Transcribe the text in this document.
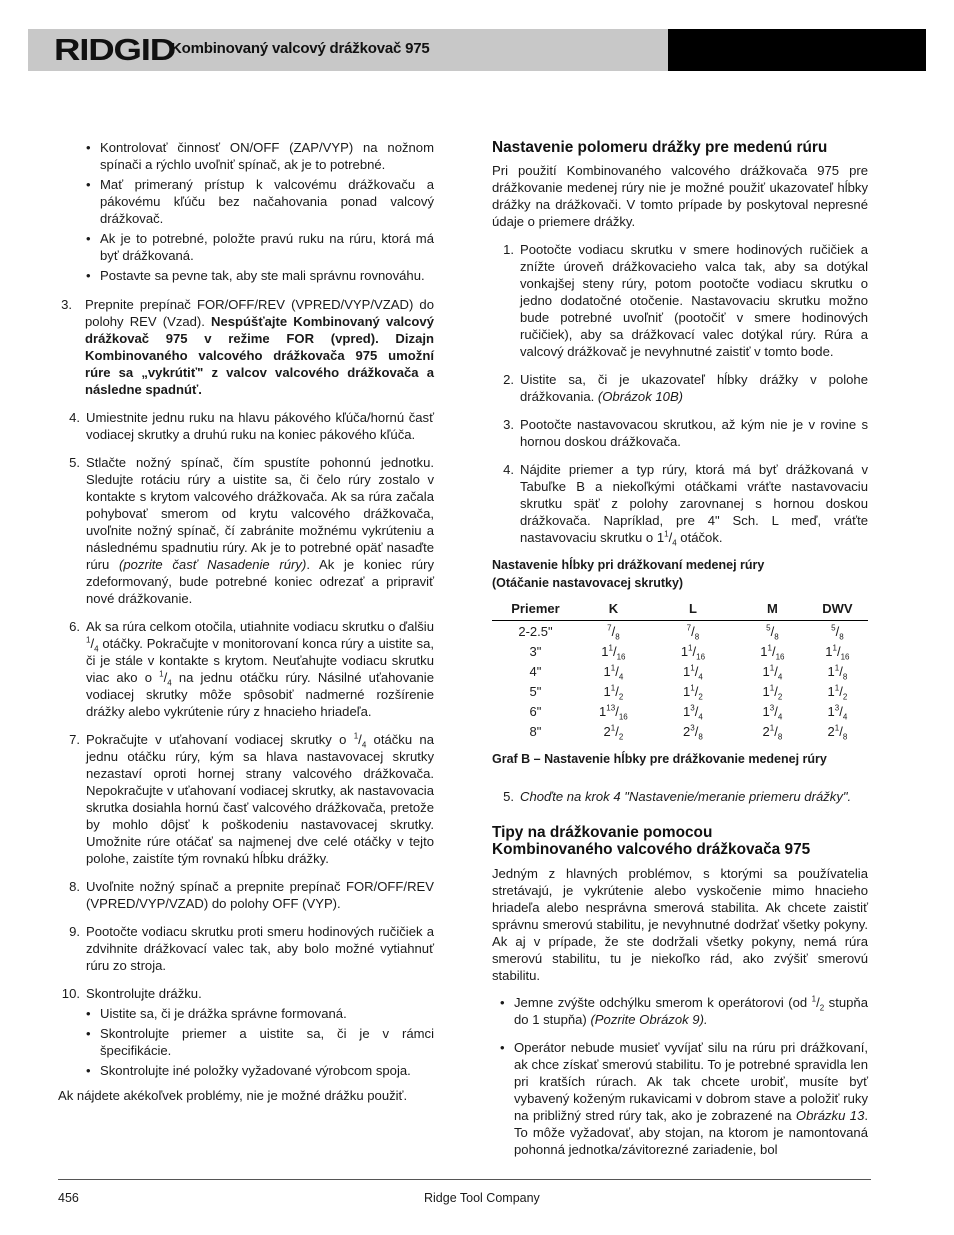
RIDGID
Kombinovaný valcový drážkovač 975
• Kontrolovať činnosť ON/OFF (ZAP/VYP) na nožnom spínači a rýchlo uvoľniť spínač, ak je to potrebné.
• Mať primeraný prístup k valcovému drážkovaču a pákovému kľúču bez načahovania ponad valcový drážkovač.
• Ak je to potrebné, položte pravú ruku na rúru, ktorá má byť drážkovaná.
• Postavte sa pevne tak, aby ste mali správnu rovnováhu.
3. Prepnite prepínač FOR/OFF/REV (VPRED/VYP/VZAD) do polohy REV (Vzad). Nespúšťajte Kombinovaný valcový drážkovač 975 v režime FOR (vpred). Dizajn Kombinovaného valcového drážkovača 975 umožní rúre sa „vykrútiť" z valcov valcového drážkovača a následne spadnúť.
4. Umiestnite jednu ruku na hlavu pákového kľúča/hornú časť vodiacej skrutky a druhú ruku na koniec pákového kľúča.
5. Stlačte nožný spínač, čím spustíte pohonnú jednotku. Sledujte rotáciu rúry a uistite sa, či čelo rúry zostalo v kontakte s krytom valcového drážkovača. Ak sa rúra začala pohybovať smerom od krytu valcového drážkovača, uvoľnite nožný spínač, čí zabránite možnému vykrúteniu a následnému spadnutiu rúry. Ak je to potrebné opäť nasaďte rúru (pozrite časť Nasadenie rúry). Ak je koniec rúry zdeformovaný, bude potrebné koniec odrezať a pripraviť nové drážkovanie.
6. Ak sa rúra celkom otočila, utiahnite vodiacu skrutku o ďalšiu $^1/_4$ otáčky. Pokračujte v monitorovaní konca rúry a uistite sa, či je stále v kontakte s krytom. Neuťahujte vodiacu skrutku viac ako o $^1/_4$ na jednu otáčku rúry. Násilné uťahovanie vodiacej skrutky môže spôsobiť nadmerné rozšírenie drážky alebo vykrútenie rúry z hnacieho hriadeľa.
7. Pokračujte v uťahovaní vodiacej skrutky o $^1/_4$ otáčku na jednu otáčku rúry, kým sa hlava nastavovacej skrutky nezastaví oproti hornej strany valcového drážkovača. Nepokračujte v uťahovaní vodiacej skrutky, ak nastavovacia skrutka dosiahla hornú časť valcového drážkovača, pretože by mohlo dôjsť k poškodeniu nastavovacej skrutky. Umožnite rúre otáčať sa najmenej dve celé otáčky v tejto polohe, zaistíte tým rovnakú hĺbku drážky.
8. Uvoľnite nožný spínač a prepnite prepínač FOR/OFF/REV (VPRED/VYP/VZAD) do polohy OFF (VYP).
9. Pootočte vodiacu skrutku proti smeru hodinových ručičiek a zdvihnite drážkovací valec tak, aby bolo možné vytiahnuť rúru zo stroja.
10. Skontrolujte drážku.
• Uistite sa, či je drážka správne formovaná.
• Skontrolujte priemer a uistite sa, či je v rámci špecifikácie.
• Skontrolujte iné položky vyžadované výrobcom spoja.

Ak nájdete akékoľvek problémy, nie je možné drážku použiť.

Nastavenie polomeru drážky pre medenú rúru

Pri použití Kombinovaného valcového drážkovača 975 pre drážkovanie medenej rúry nie je možné použiť ukazovateľ hĺbky drážky na drážkovači. V tomto prípade by poskytoval nepresné údaje o priemere drážky.

1. Pootočte vodiacu skrutku v smere hodinových ručičiek a znížte úroveň drážkovacieho valca tak, aby sa dotýkal vonkajšej steny rúry, potom pootočte vodiacu skrutku o jedno dodatočné otočenie. Nastavovaciu skrutku možno bude potrebné uvoľniť (pootočiť v smere hodinových ručičiek), aby sa drážkovací valec dotýkal rúry. Rúra a valcový drážkovač je nevyhnutné zaistiť v tomto bode.
2. Uistite sa, či je ukazovateľ hĺbky drážky v polohe drážkovania. (Obrázok 10B)
3. Pootočte nastavovacou skrutkou, až kým nie je v rovine s hornou doskou drážkovača.
4. Nájdite priemer a typ rúry, ktorá má byť drážkovaná v Tabuľke B a niekoľkými otáčkami vráťte nastavovaciu skrutku späť z polohy zarovnanej s hornou doskou drážkovača. Napríklad, pre 4" Sch. L meď, vráťte nastavovaciu skrutku o $1^1/_4$ otáčok.
Nastavenie hĺbky pri drážkovaní medenej rúry
(Otáčanie nastavovacej skrutky)
Priemer	K	L	M	DWV
2-2.5"	$^7/_8$	$^7/_8$	$^5/_8$	$^5/_8$
3"	$1^1/_{16}$	$1^1/_{16}$	$1^1/_{16}$	$1^1/_{16}$
4"	$1^1/_4$	$1^1/_4$	$1^1/_4$	$1^1/_8$
5"	$1^1/_2$	$1^1/_2$	$1^1/_2$	$1^1/_2$
6"	$1^{13}/_{16}$	$1^3/_4$	$1^3/_4$	$1^3/_4$
8"	$2^1/_2$	$2^3/_8$	$2^1/_8$	$2^1/_8$

Graf B – Nastavenie hĺbky pre drážkovanie medenej rúry

5. Choďte na krok 4 "Nastavenie/meranie priemeru drážky".
Tipy na drážkovanie pomocou
Kombinovaného valcového drážkovača 975

Jedným z hlavných problémov, s ktorými sa používatelia stretávajú, je vykrútenie alebo vyskočenie mimo hnacieho hriadeľa alebo nesprávna smerová stabilita. Ak chcete zaistiť správnu smerovú stabilitu, je nevyhnutné dodržať všetky pokyny. Ak aj v prípade, že ste dodržali všetky pokyny, nemá rúra smerovú stabilitu, tu je niekoľko rád, ako zvýšiť smerovú stabilitu.

• Jemne zvýšte odchýlku smerom k operátorovi (od $^1/_2$ stupňa do 1 stupňa) (Pozrite Obrázok 9).
• Operátor nebude musieť vyvíjať silu na rúru pri drážkovaní, ak chce získať smerovú stabilitu. To je potrebné spravidla len pri kratších rúrach. Ak tak chcete urobiť, musíte byť vybavený koženým rukavicami v dobrom stave a položiť ruky na približný stred rúry tak, ako je zobrazené na Obrázku 13. To môže vyžadovať, aby stojan, na ktorom je namontovaná pohonná jednotka/závitorezné zariadenie, bol
456	Ridge Tool Company
